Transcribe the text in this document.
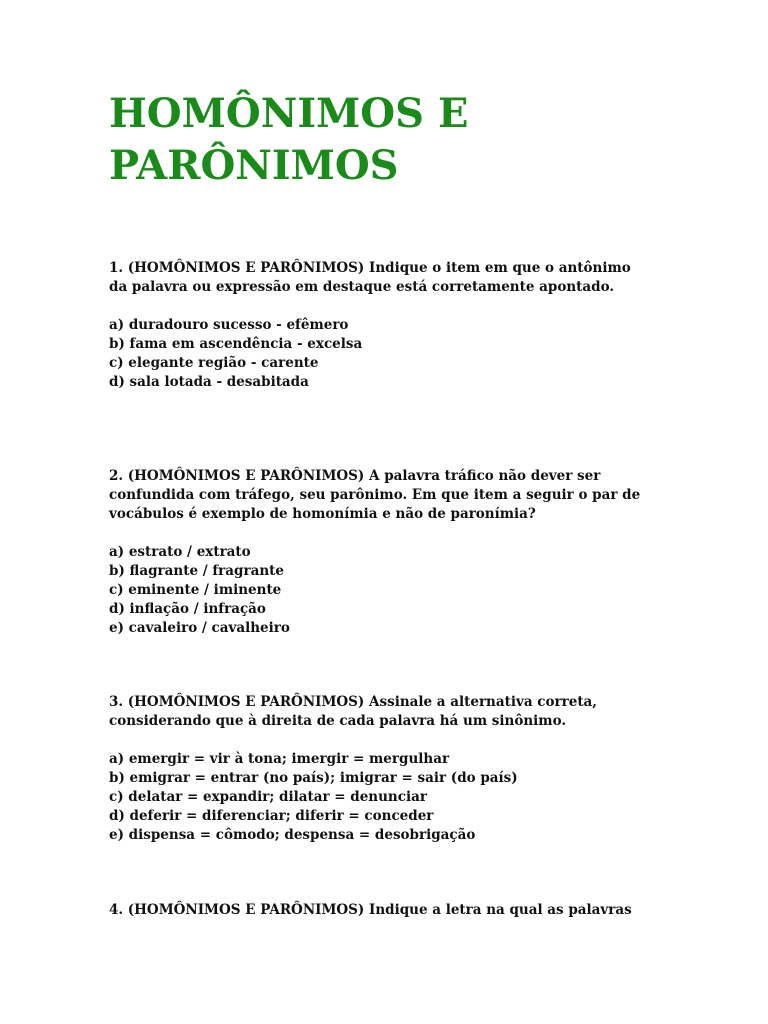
HOMÔNIMOS E
PARÔNIMOS
1. (HOMÔNIMOS E PARÔNIMOS) Indique o item em que o antônimo
da palavra ou expressão em destaque está corretamente apontado.
a) duradouro sucesso - efêmero
b) fama em ascendência - excelsa
c) elegante região - carente
d) sala lotada - desabitada
2. (HOMÔNIMOS E PARÔNIMOS) A palavra tráfico não dever ser
confundida com tráfego, seu parônimo. Em que item a seguir o par de
vocábulos é exemplo de homonímia e não de paronímia?
a) estrato / extrato
b) flagrante / fragrante
c) eminente / iminente
d) inflação / infração
e) cavaleiro / cavalheiro
3. (HOMÔNIMOS E PARÔNIMOS) Assinale a alternativa correta,
considerando que à direita de cada palavra há um sinônimo.
a) emergir = vir à tona; imergir = mergulhar
b) emigrar = entrar (no país); imigrar = sair (do país)
c) delatar = expandir; dilatar = denunciar
d) deferir = diferenciar; diferir = conceder
e) dispensa = cômodo; despensa = desobrigação
4. (HOMÔNIMOS E PARÔNIMOS) Indique a letra na qual as palavras
